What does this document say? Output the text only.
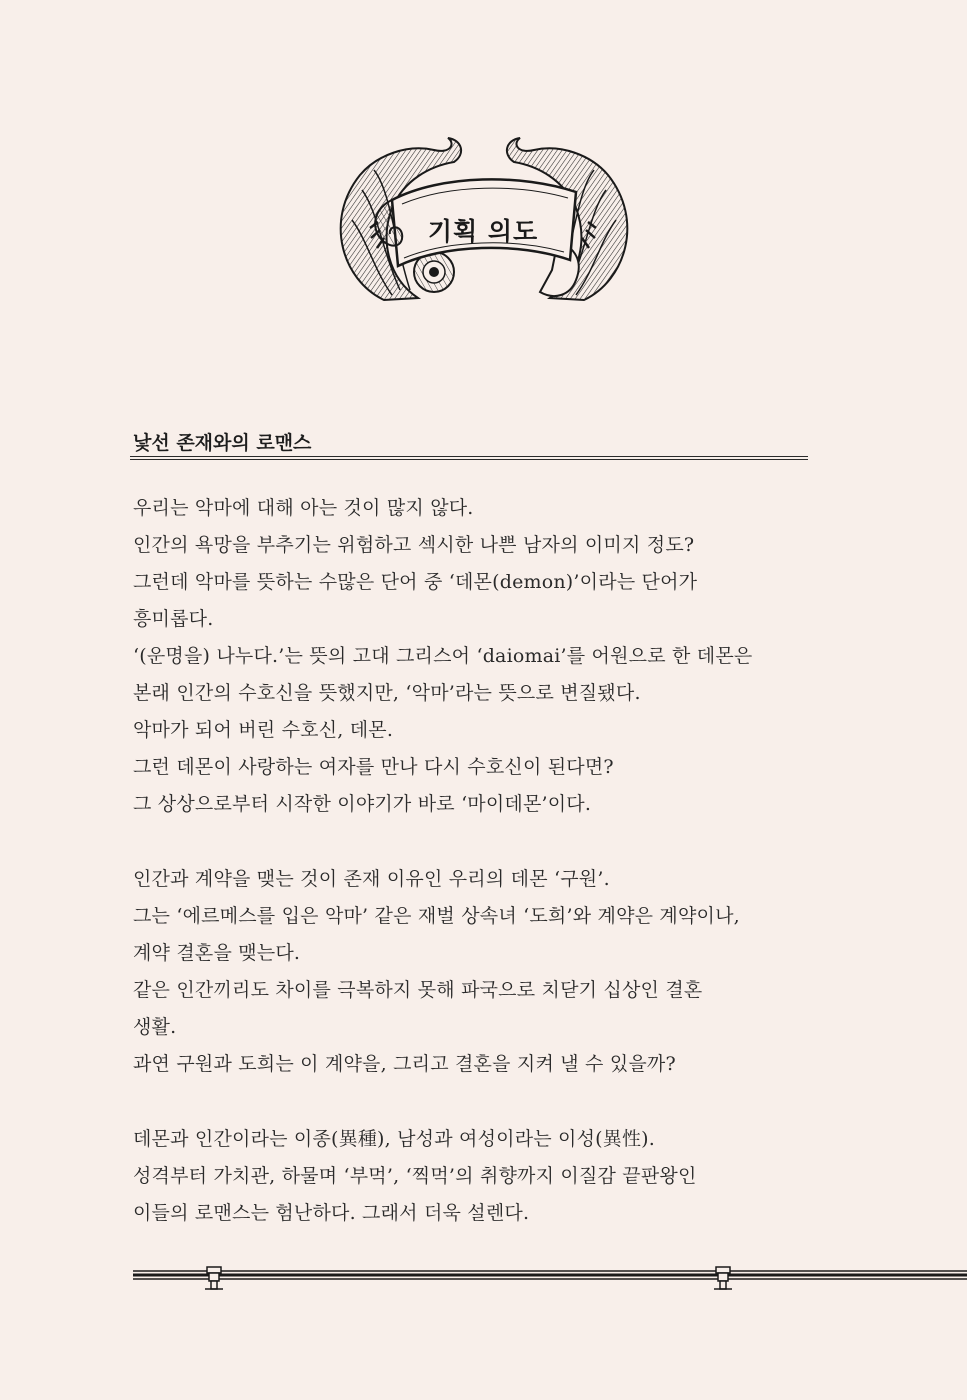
기획 의도
낯선 존재와의 로맨스
우리는 악마에 대해 아는 것이 많지 않다.
인간의 욕망을 부추기는 위험하고 섹시한 나쁜 남자의 이미지 정도?
그런데 악마를 뜻하는 수많은 단어 중 ‘데몬(demon)’이라는 단어가
흥미롭다.
‘(운명을) 나누다.’는 뜻의 고대 그리스어 ‘daiomai’를 어원으로 한 데몬은
본래 인간의 수호신을 뜻했지만, ‘악마’라는 뜻으로 변질됐다.
악마가 되어 버린 수호신, 데몬.
그런 데몬이 사랑하는 여자를 만나 다시 수호신이 된다면?
그 상상으로부터 시작한 이야기가 바로 ‘마이데몬’이다.
인간과 계약을 맺는 것이 존재 이유인 우리의 데몬 ‘구원’.
그는 ‘에르메스를 입은 악마’ 같은 재벌 상속녀 ‘도희’와 계약은 계약이나,
계약 결혼을 맺는다.
같은 인간끼리도 차이를 극복하지 못해 파국으로 치닫기 십상인 결혼
생활.
과연 구원과 도희는 이 계약을, 그리고 결혼을 지켜 낼 수 있을까?
데몬과 인간이라는 이종(異種), 남성과 여성이라는 이성(異性).
성격부터 가치관, 하물며 ‘부먹’, ‘찍먹’의 취향까지 이질감 끝판왕인
이들의 로맨스는 험난하다. 그래서 더욱 설렌다.
